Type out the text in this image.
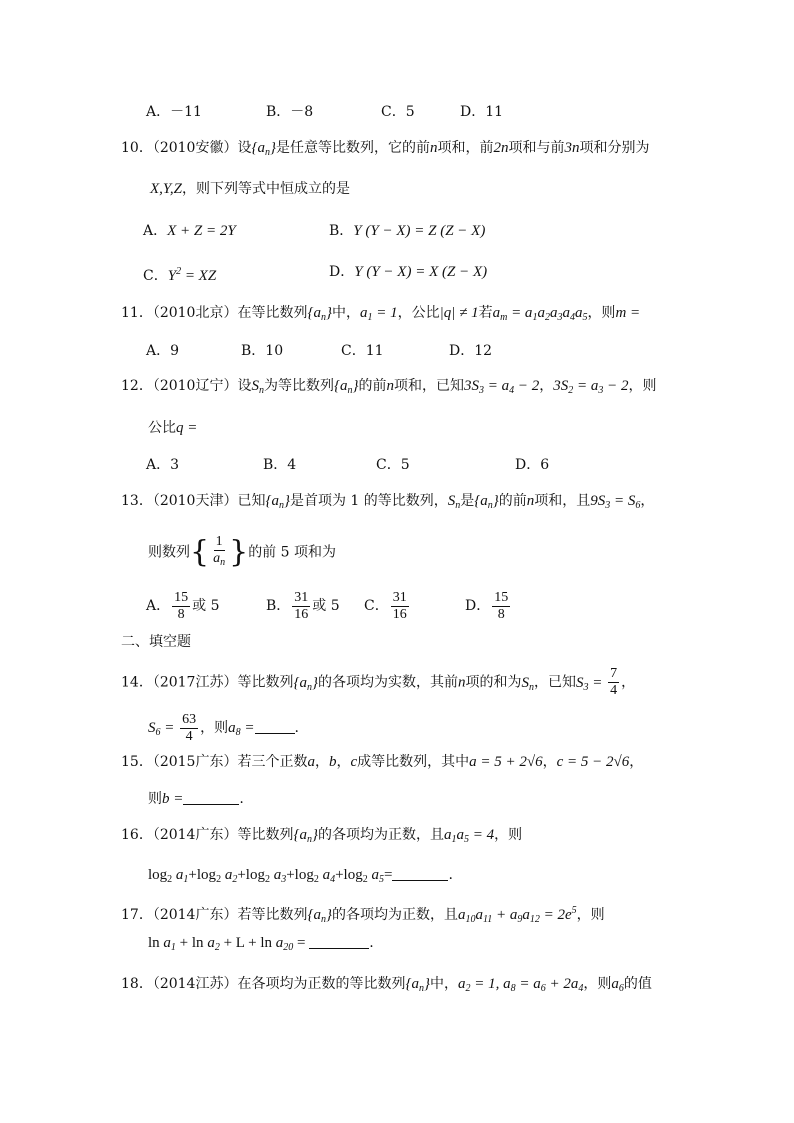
A．－11	B．－8	C．5	D．11
10．（2010安徽）设$\{a_n\}$是任意等比数列，它的前n项和，前2n项和与前3n项和分别为
X,Y,Z，则下列等式中恒成立的是
A．X + Z = 2Y	B．Y (Y − X) = Z (Z − X)
C．$Y^2$ = XZ	D．Y (Y − X) = X (Z − X)
11．（2010北京）在等比数列$\{a_n\}$中，$a_1 = 1$，公比|q| ≠ 1若$a_m = a_1a_2a_3a_4a_5$，则m =
A．9	B．10	C．11	D．12
12．（2010辽宁）设$S_n$为等比数列$\{a_n\}$的前n项和，已知$3S_3 = a_4 - 2$，$3S_2 = a_3 - 2$，则
公比q =
A．3	B．4	C．5	D．6
13．（2010天津）已知$\{a_n\}$是首项为 1 的等比数列，$S_n$是$\{a_n\}$的前n项和，且$9S_3 = S_6$，
则数列{ $\frac{1}{a_n}$ }的前 5 项和为
A． $\frac{15}{8}$ 或 5	B． $\frac{31}{16}$ 或 5 C． $\frac{31}{16}$	D． $\frac{15}{8}$
二、填空题
14．（2017江苏）等比数列$\{a_n\}$的各项均为实数，其前n项的和为$S_n$，已知$S_3 = \frac{7}{4}$ ，
$S_6 = \frac{63}{4}$ ，则$a_8$ =	.
15．（2015广东）若三个正数a，b，c成等比数列，其中a = 5 + 2√6，c = 5 − 2√6，
则b =	.
16．（2014广东）等比数列$\{a_n\}$的各项均为正数，且$a_1a_5 = 4$，则
$\log_2 a_1+\log_2$ $a_2+\log_2$ $a_3+\log_2$ $a_4+\log_2$ $a_5=$	.
17．（2014广东）若等比数列$\{a_n\}$的各项均为正数，且$a_{10}a_{11} + a_9a_{12} = 2e^5$，则
$\ln a_1 + \ln a_2 + L + \ln a_{20}$ =	.
18．（2014江苏）在各项均为正数的等比数列$\{a_n\}$中，$a_2 = 1$, $a_8 = a_6 + 2a_4$，则$a_6$的值
